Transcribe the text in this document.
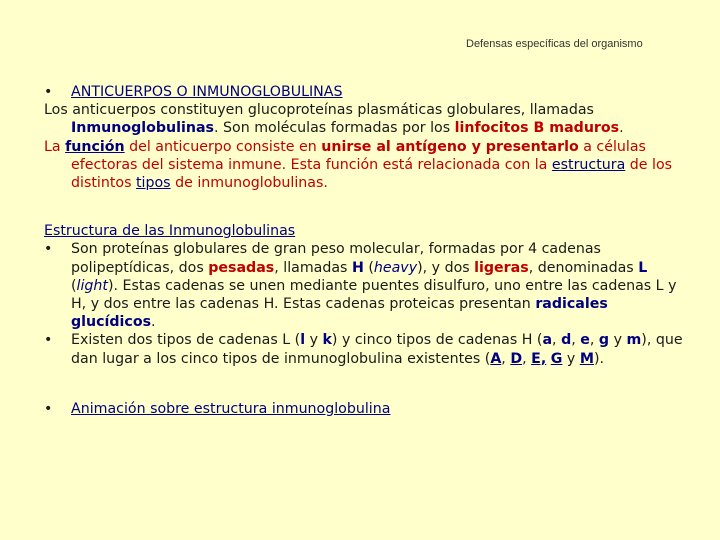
Defensas específicas del organismo

• ANTICUERPOS O INMUNOGLOBULINAS

Los anticuerpos constituyen glucoproteínas plasmáticas globulares, llamadas Inmunoglobulinas. Son moléculas formadas por los linfocitos B maduros.

La función del anticuerpo consiste en unirse al antígeno y presentarlo a células efectoras del sistema inmune. Esta función está relacionada con la estructura de los distintos tipos de inmunoglobulinas.

Estructura de las Inmunoglobulinas

• Son proteínas globulares de gran peso molecular, formadas por 4 cadenas polipeptídicas, dos pesadas, llamadas H (heavy), y dos ligeras, denominadas L (light). Estas cadenas se unen mediante puentes disulfuro, uno entre las cadenas L y H, y dos entre las cadenas H. Estas cadenas proteicas presentan radicales glucídicos.

• Existen dos tipos de cadenas L (l y k) y cinco tipos de cadenas H (a, d, e, g y m), que dan lugar a los cinco tipos de inmunoglobulina existentes (A, D, E, G y M).

• Animación sobre estructura inmunoglobulina
